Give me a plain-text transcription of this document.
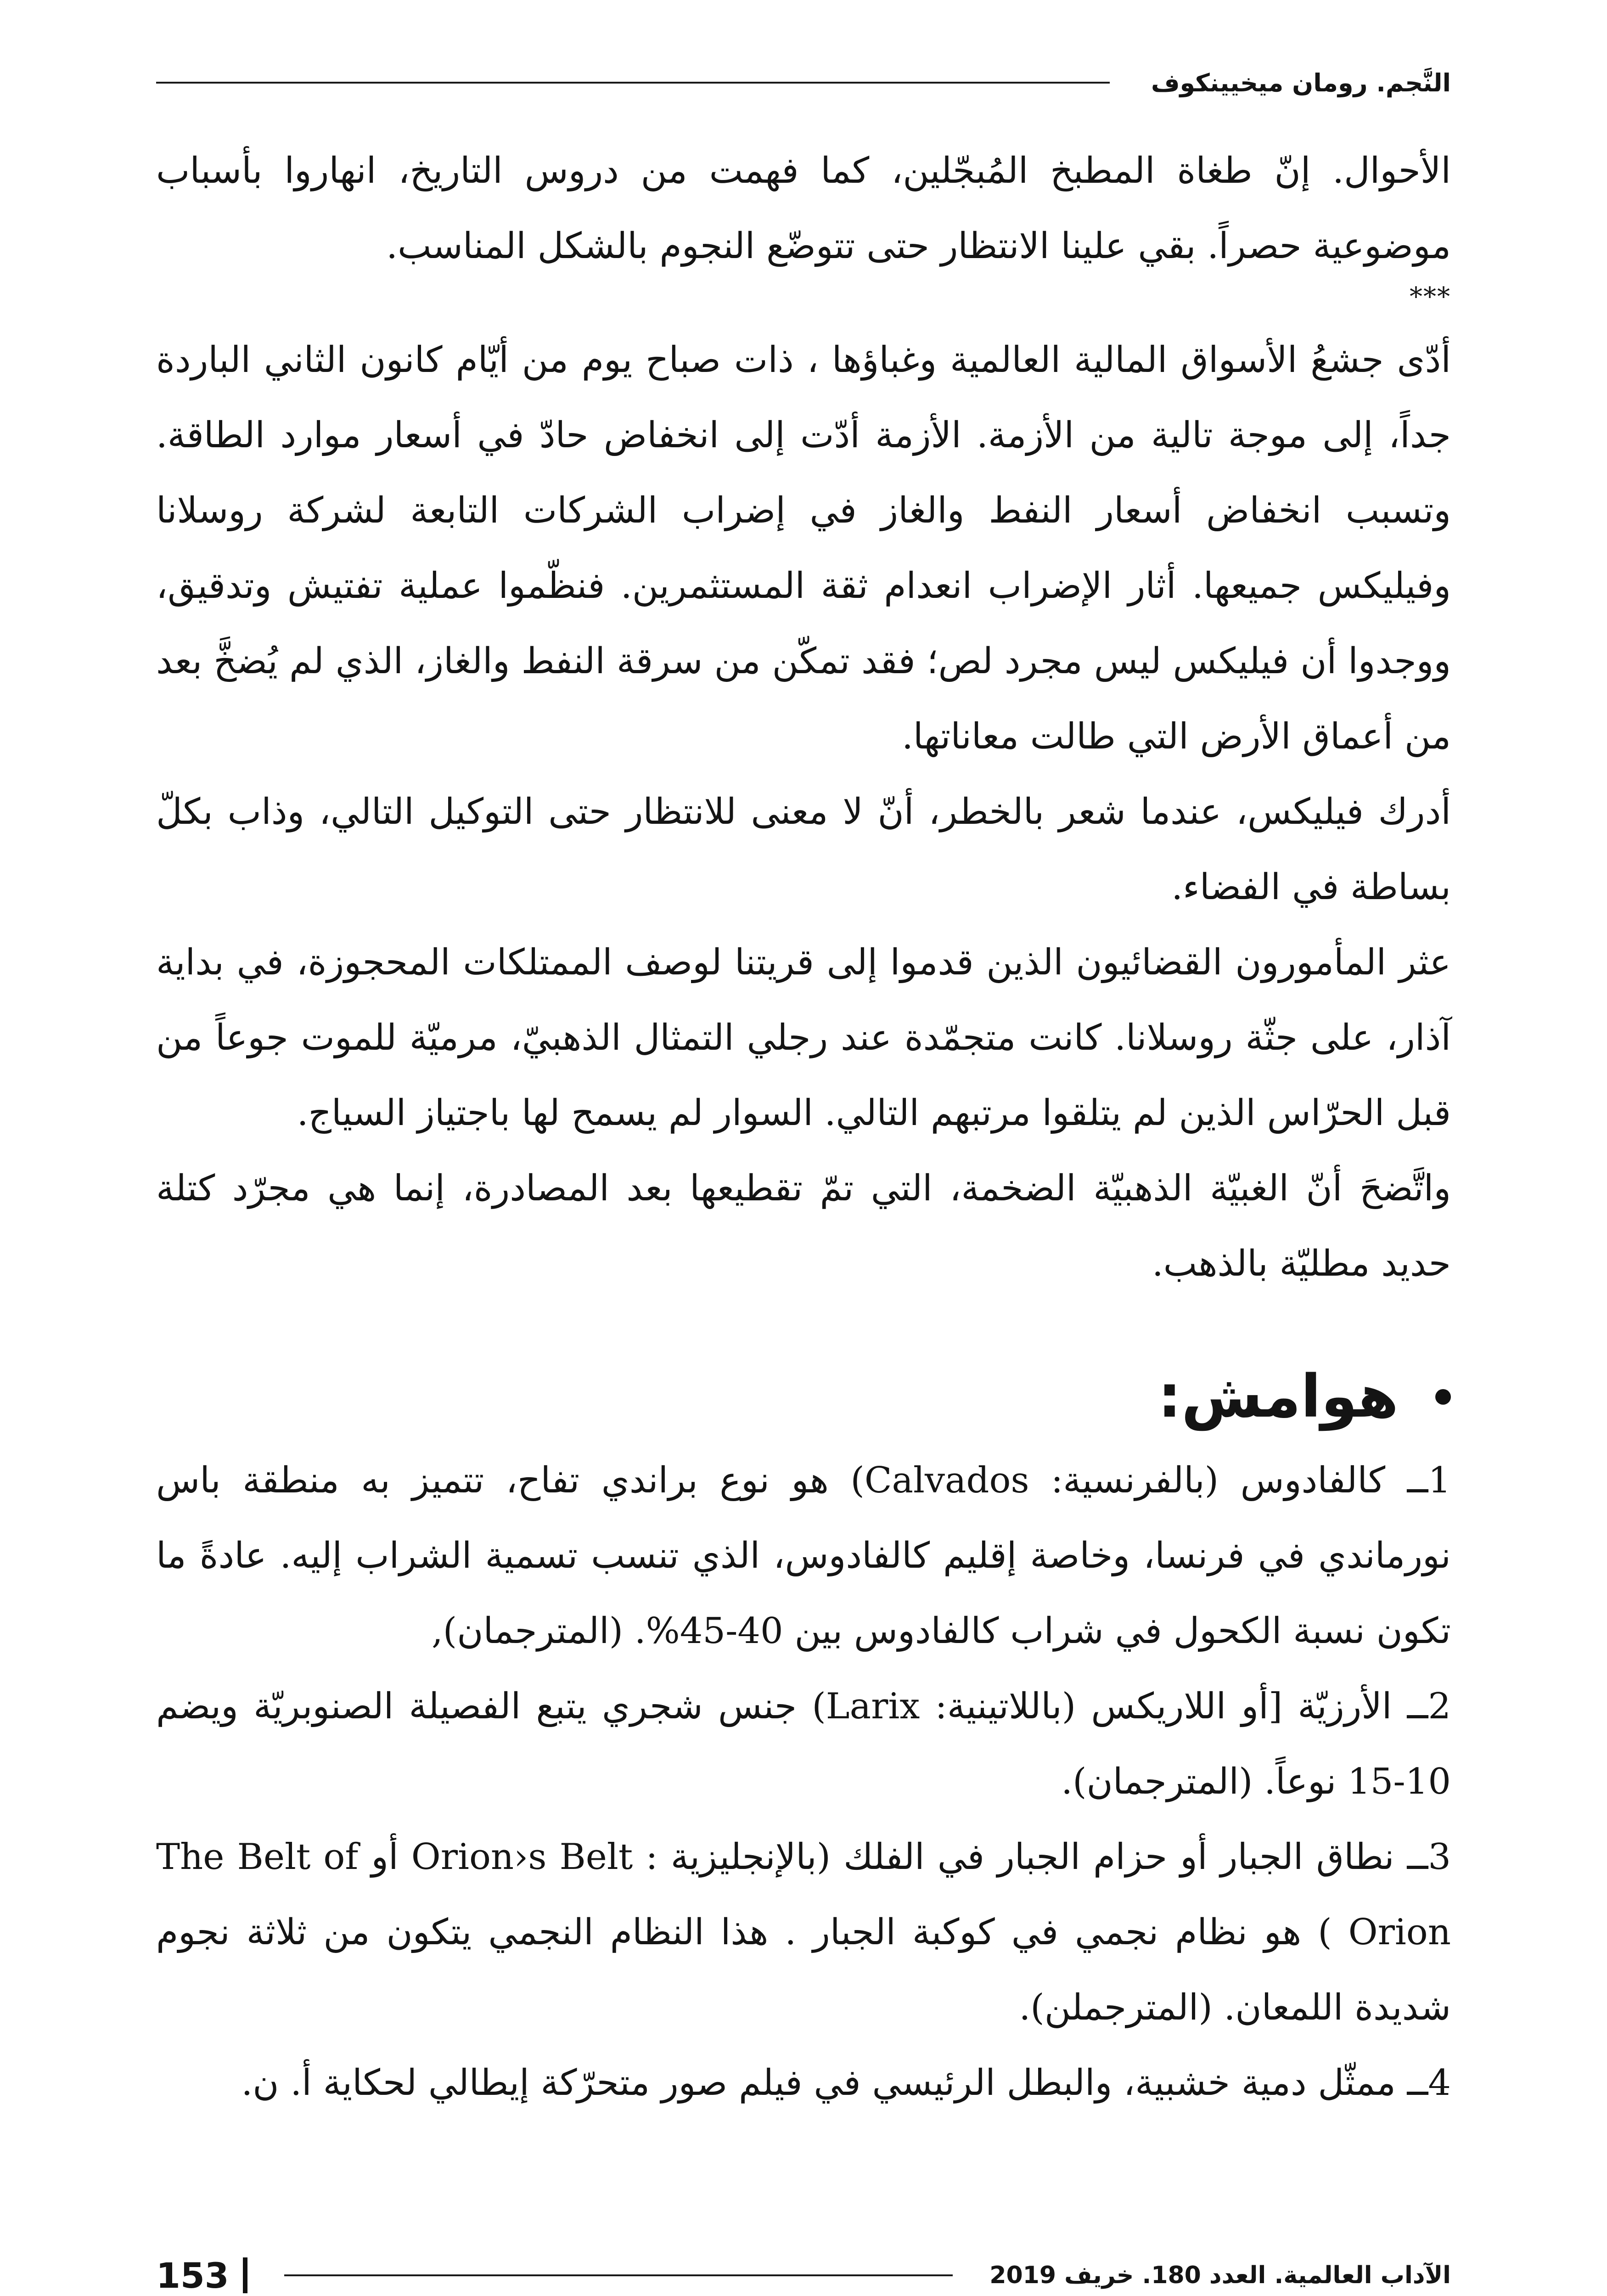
النَّجم. رومان ميخيينكوف

الأحوال. إنّ طغاة المطبخ المُبجّلين، كما فهمت من دروس التاريخ، انهاروا بأسباب موضوعية حصراً. بقي علينا الانتظار حتى تتوضّع النجوم بالشكل المناسب.

***

أدّى جشعُ الأسواق المالية العالمية وغباؤها ، ذات صباح يوم من أيّام كانون الثاني الباردة جداً، إلى موجة تالية من الأزمة. الأزمة أدّت إلى انخفاض حادّ في أسعار موارد الطاقة. وتسبب انخفاض أسعار النفط والغاز في إضراب الشركات التابعة لشركة روسلانا وفيليكس جميعها. أثار الإضراب انعدام ثقة المستثمرين. فنظّموا عملية تفتيش وتدقيق، ووجدوا أن فيليكس ليس مجرد لص؛ فقد تمكّن من سرقة النفط والغاز، الذي لم يُضخَّ بعد من أعماق الأرض التي طالت معاناتها.

أدرك فيليكس، عندما شعر بالخطر، أنّ لا معنى للانتظار حتى التوكيل التالي، وذاب بكلّ بساطة في الفضاء.

عثر المأمورون القضائيون الذين قدموا إلى قريتنا لوصف الممتلكات المحجوزة، في بداية آذار، على جثّة روسلانا. كانت متجمّدة عند رجلي التمثال الذهبيّ، مرميّة للموت جوعاً من قبل الحرّاس الذين لم يتلقوا مرتبهم التالي. السوار لم يسمح لها باجتياز السياج.

واتَّضحَ أنّ الغبيّة الذهبيّة الضخمة، التي تمّ تقطيعها بعد المصادرة، إنما هي مجرّد كتلة حديد مطليّة بالذهب.

هوامش:

1ــ كالفادوس (بالفرنسية: Calvados) هو نوع براندي تفاح، تتميز به منطقة باس نورماندي في فرنسا، وخاصة إقليم كالفادوس، الذي تنسب تسمية الشراب إليه. عادةً ما تكون نسبة الكحول في شراب كالفادوس بين 40-45%. (المترجمان),

2ــ الأرزيّة [أو اللاريكس (باللاتينية: Larix) جنس شجري يتبع الفصيلة الصنوبريّة ويضم 10-15 نوعاً. (المترجمان).

3ــ نطاق الجبار أو حزام الجبار في الفلك (بالإنجليزية : Orion›s Belt أو The Belt of Orion ) هو نظام نجمي في كوكبة الجبار . هذا النظام النجمي يتكون من ثلاثة نجوم شديدة اللمعان. (المترجملن).

4ــ ممثّل دمية خشبية، والبطل الرئيسي في فيلم صور متحرّكة إيطالي لحكاية أ. ن.

الآداب العالمية. العدد 180. خريف 2019
153
